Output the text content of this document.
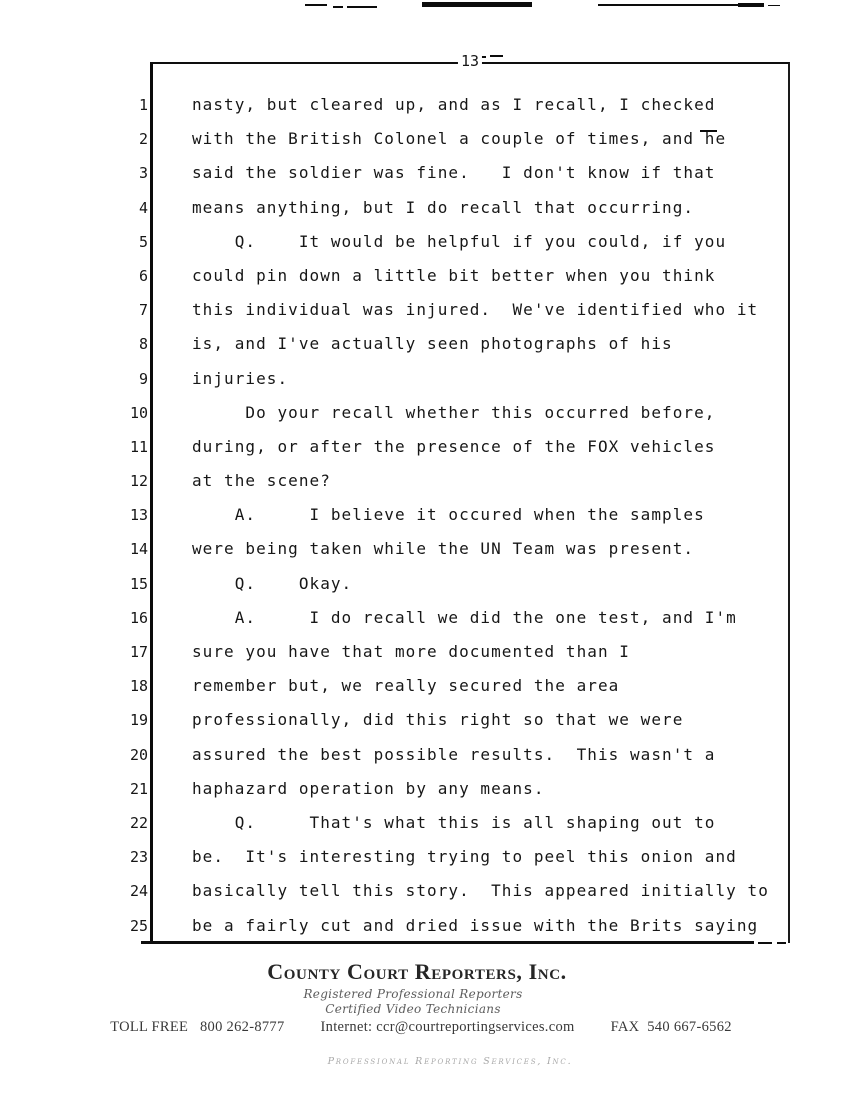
13
1	nasty, but cleared up, and as I recall, I checked
2	with the British Colonel a couple of times, and he
3	said the soldier was fine.   I don't know if that
4	means anything, but I do recall that occurring.
5	Q.    It would be helpful if you could, if you
6	could pin down a little bit better when you think
7	this individual was injured.  We've identified who it
8	is, and I've actually seen photographs of his
9	injuries.
10	Do your recall whether this occurred before,
11	during, or after the presence of the FOX vehicles
12	at the scene?
13	A.     I believe it occured when the samples
14	were being taken while the UN Team was present.
15	Q.    Okay.
16	A.     I do recall we did the one test, and I'm
17	sure you have that more documented than I
18	remember but, we really secured the area
19	professionally, did this right so that we were
20	assured the best possible results.  This wasn't a
21	haphazard operation by any means.
22	Q.     That's what this is all shaping out to
23	be.  It's interesting trying to peel this onion and
24	basically tell this story.  This appeared initially to
25	be a fairly cut and dried issue with the Brits saying
County Court Reporters, Inc.
Registered Professional Reporters
Certified Video Technicians
TOLL FREE   800 262-8777 Internet: ccr@courtreportingservices.com FAX  540 667-6562
Professional Reporting Services, Inc.
